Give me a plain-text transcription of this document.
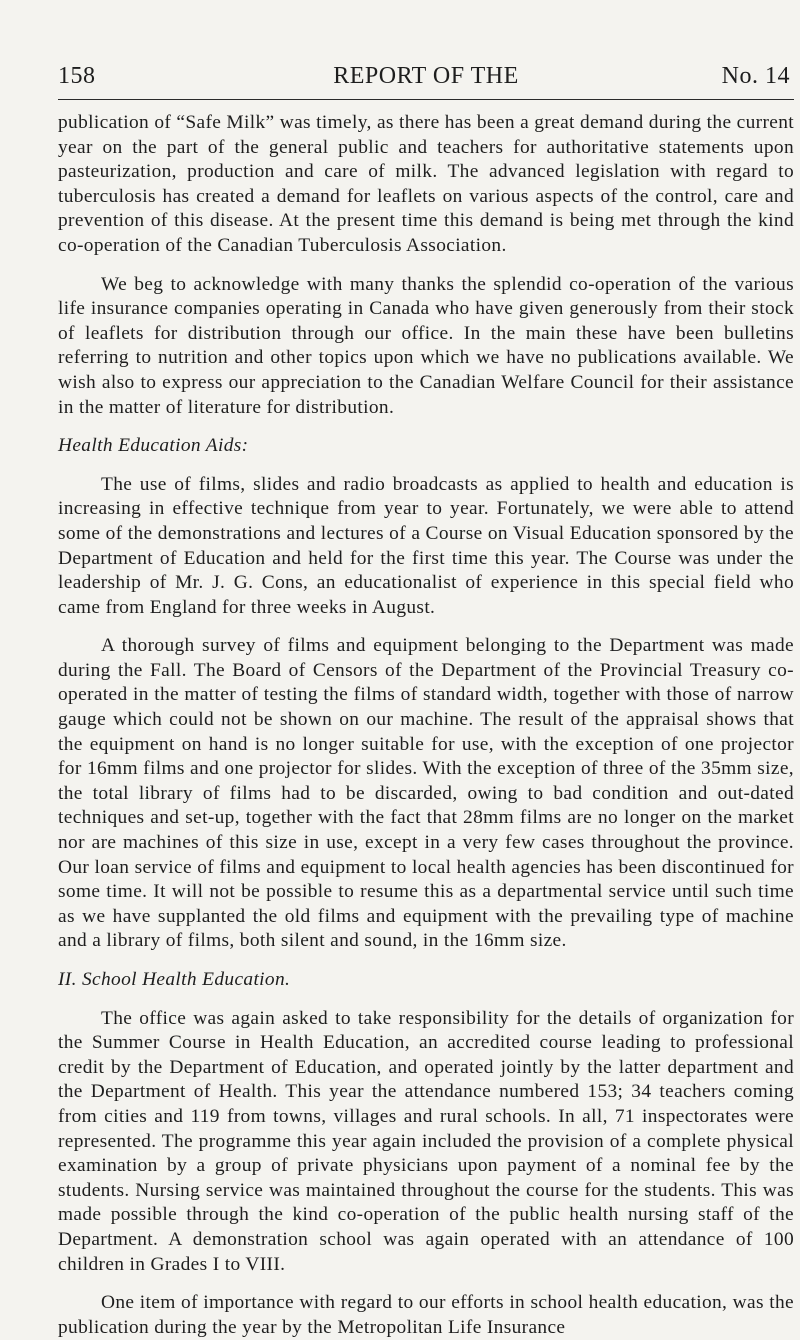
158	REPORT OF THE	No. 14

publication of “Safe Milk” was timely, as there has been a great demand during the current year on the part of the general public and teachers for authoritative statements upon pasteurization, production and care of milk. The advanced legislation with regard to tuberculosis has created a demand for leaflets on various aspects of the control, care and prevention of this disease. At the present time this demand is being met through the kind co-operation of the Canadian Tuberculosis Association.

We beg to acknowledge with many thanks the splendid co-operation of the various life insurance companies operating in Canada who have given generously from their stock of leaflets for distribution through our office. In the main these have been bulletins referring to nutrition and other topics upon which we have no publications available. We wish also to express our appreciation to the Canadian Welfare Council for their assistance in the matter of literature for distribution.

Health Education Aids:

The use of films, slides and radio broadcasts as applied to health and education is increasing in effective technique from year to year. Fortunately, we were able to attend some of the demonstrations and lectures of a Course on Visual Education sponsored by the Department of Education and held for the first time this year. The Course was under the leadership of Mr. J. G. Cons, an educationalist of experience in this special field who came from England for three weeks in August.

A thorough survey of films and equipment belonging to the Department was made during the Fall. The Board of Censors of the Department of the Provincial Treasury co-operated in the matter of testing the films of standard width, together with those of narrow gauge which could not be shown on our machine. The result of the appraisal shows that the equipment on hand is no longer suitable for use, with the exception of one projector for 16mm films and one projector for slides. With the exception of three of the 35mm size, the total library of films had to be discarded, owing to bad condition and out-dated techniques and set-up, together with the fact that 28mm films are no longer on the market nor are machines of this size in use, except in a very few cases throughout the province. Our loan service of films and equipment to local health agencies has been discontinued for some time. It will not be possible to resume this as a departmental service until such time as we have supplanted the old films and equipment with the prevailing type of machine and a library of films, both silent and sound, in the 16mm size.

II. School Health Education.

The office was again asked to take responsibility for the details of organization for the Summer Course in Health Education, an accredited course leading to professional credit by the Department of Education, and operated jointly by the latter department and the Department of Health. This year the attendance numbered 153; 34 teachers coming from cities and 119 from towns, villages and rural schools. In all, 71 inspectorates were represented. The programme this year again included the provision of a complete physical examination by a group of private physicians upon payment of a nominal fee by the students. Nursing service was maintained throughout the course for the students. This was made possible through the kind co-operation of the public health nursing staff of the Department. A demonstration school was again operated with an attendance of 100 children in Grades I to VIII.

One item of importance with regard to our efforts in school health education, was the publication during the year by the Metropolitan Life Insurance
